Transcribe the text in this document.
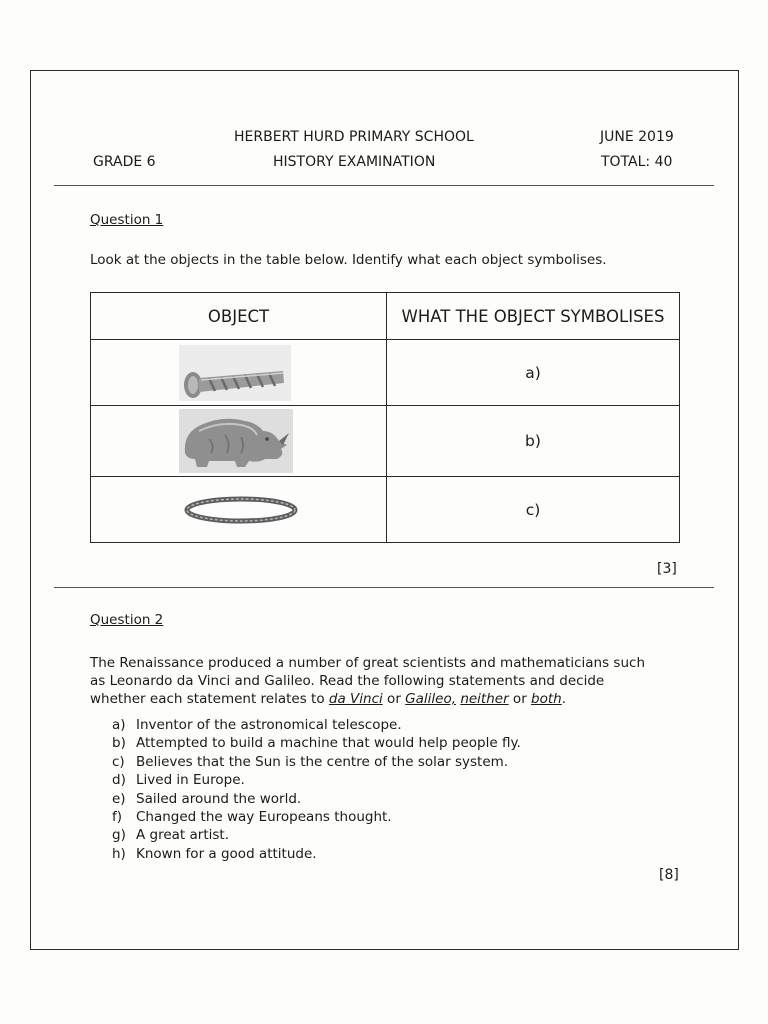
HERBERT HURD PRIMARY SCHOOL	JUNE 2019
GRADE 6	HISTORY EXAMINATION	TOTAL: 40
Question 1
Look at the objects in the table below. Identify what each object symbolises.
OBJECT	WHAT THE OBJECT SYMBOLISES

	a)

	b)

	c)
[3]
Question 2
The Renaissance produced a number of great scientists and mathematicians such
as Leonardo da Vinci and Galileo. Read the following statements and decide
whether each statement relates to da Vinci or Galileo, neither or both.
a) Inventor of the astronomical telescope.
b) Attempted to build a machine that would help people fly.
c) Believes that the Sun is the centre of the solar system.
d) Lived in Europe.
e) Sailed around the world.
f)	Changed the way Europeans thought.
g) A great artist.
h) Known for a good attitude.
[8]
